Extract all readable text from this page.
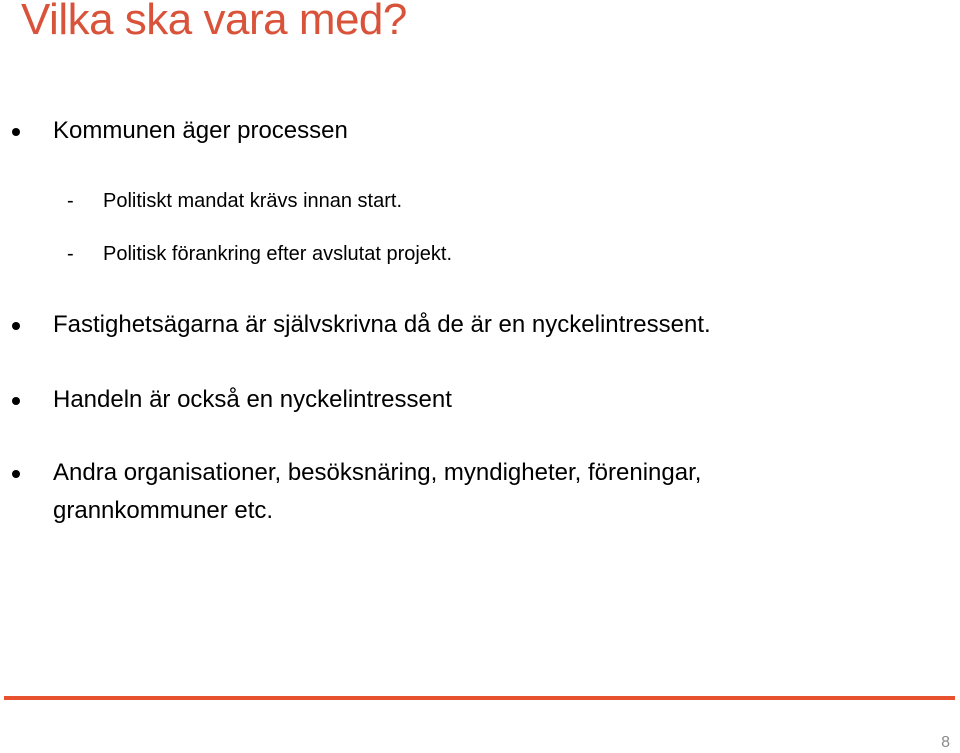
Vilka ska vara med?
Kommunen äger processen
- Politiskt mandat krävs innan start.
- Politisk förankring efter avslutat projekt.
Fastighetsägarna är självskrivna då de är en nyckelintressent.
Handeln är också en nyckelintressent
Andra organisationer, besöksnäring, myndigheter, föreningar,
grannkommuner etc.
8
